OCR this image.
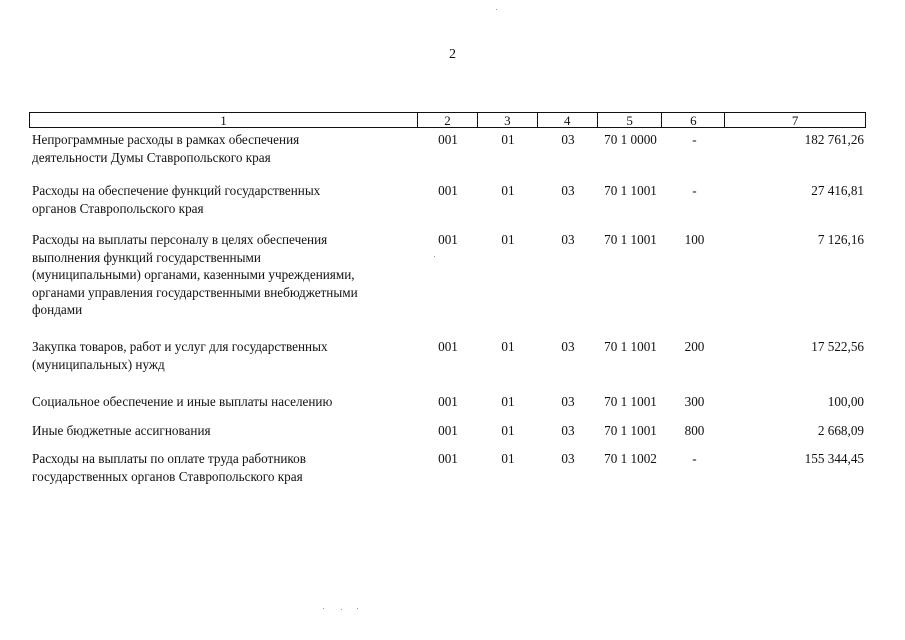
2
1	2	3	4	5	6	7
Непрограммные расходы в рамках обеспечения
деятельности Думы Ставропольского края
001	01	03	70 1 0000	-	182 761,26
Расходы на обеспечение функций государственных
органов Ставропольского края
001	01	03	70 1 1001	-	27 416,81
Расходы на выплаты персоналу в целях обеспечения
выполнения функций государственными
(муниципальными) органами, казенными учреждениями,
органами управления государственными внебюджетными
фондами
001	01	03	70 1 1001	100	7 126,16
Закупка товаров, работ и услуг для государственных
(муниципальных) нужд
001	01	03	70 1 1001	200	17 522,56
Социальное обеспечение и иные выплаты населению	001	01	03	70 1 1001	300	100,00
Иные бюджетные ассигнования	001	01	03	70 1 1001	800	2 668,09
Расходы на выплаты по оплате труда работников
государственных органов Ставропольского края
001	01	03	70 1 1002	-	155 344,45
